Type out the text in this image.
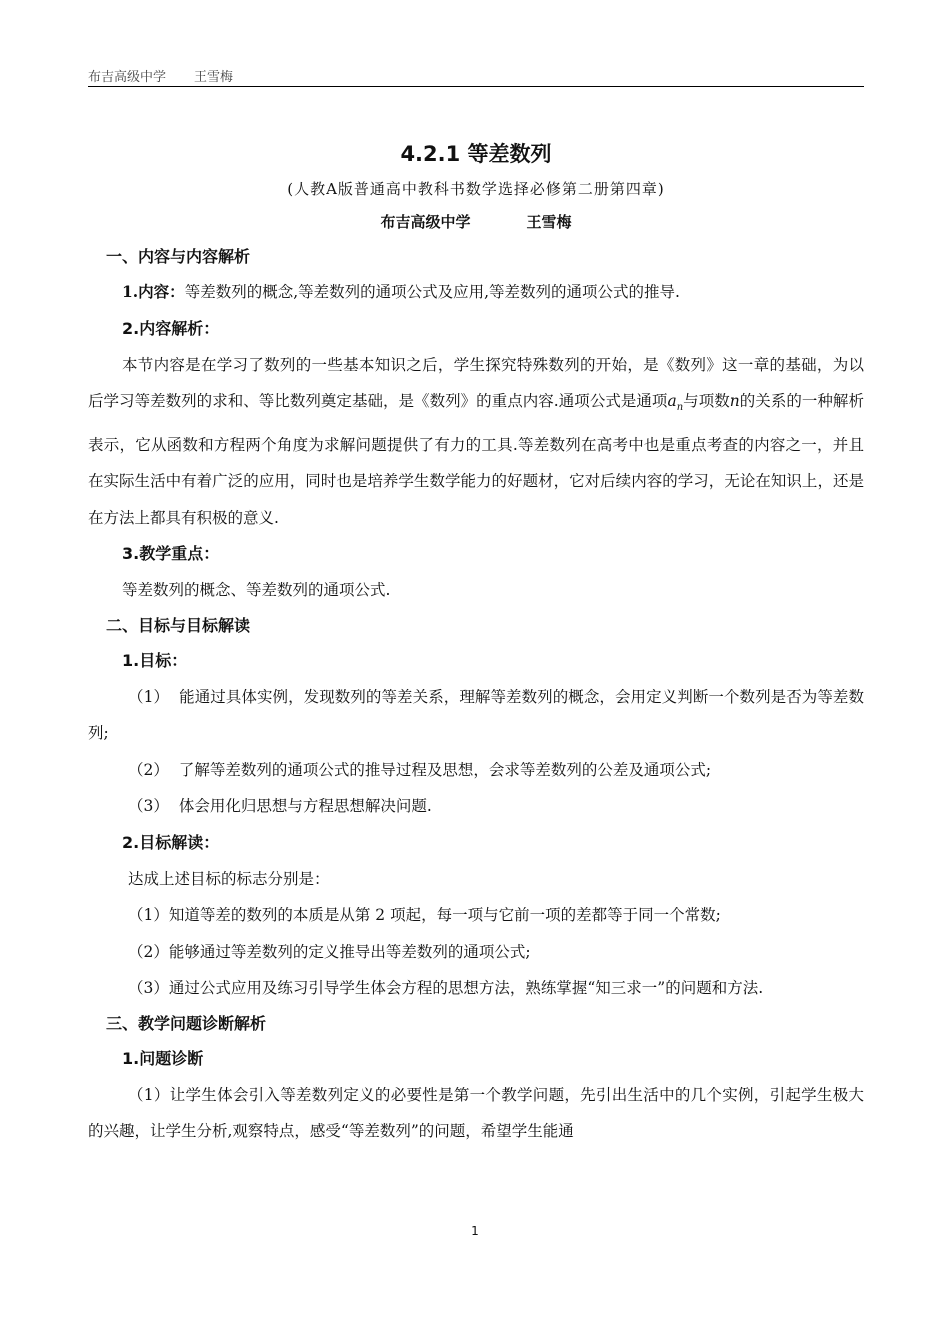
布吉高级中学 王雪梅
4.2.1 等差数列
(人教A版普通高中教科书数学选择必修第二册第四章)
布吉高级中学	王雪梅
一、内容与内容解析
1.内容：等差数列的概念,等差数列的通项公式及应用,等差数列的通项公式的推导.
2.内容解析：
本节内容是在学习了数列的一些基本知识之后，学生探究特殊数列的开始，是《数列》这一章的基础，为以后学习等差数列的求和、等比数列奠定基础，是《数列》的重点内容.通项公式是通项$a_n$与项数n的关系的一种解析表示，它从函数和方程两个角度为求解问题提供了有力的工具.等差数列在高考中也是重点考查的内容之一，并且在实际生活中有着广泛的应用，同时也是培养学生数学能力的好题材，它对后续内容的学习，无论在知识上，还是在方法上都具有积极的意义.
3.教学重点：
等差数列的概念、等差数列的通项公式.
二、目标与目标解读
1.目标：
（1） 能通过具体实例，发现数列的等差关系，理解等差数列的概念，会用定义判断一个数列是否为等差数列;
（2） 了解等差数列的通项公式的推导过程及思想，会求等差数列的公差及通项公式;
（3） 体会用化归思想与方程思想解决问题.
2.目标解读：
达成上述目标的标志分别是：
（1）知道等差的数列的本质是从第 2 项起，每一项与它前一项的差都等于同一个常数;
（2）能够通过等差数列的定义推导出等差数列的通项公式;
（3）通过公式应用及练习引导学生体会方程的思想方法，熟练掌握“知三求一”的问题和方法.
三、教学问题诊断解析
1.问题诊断
（1）让学生体会引入等差数列定义的必要性是第一个教学问题，先引出生活中的几个实例，引起学生极大的兴趣，让学生分析,观察特点，感受“等差数列”的问题，希望学生能通
1
